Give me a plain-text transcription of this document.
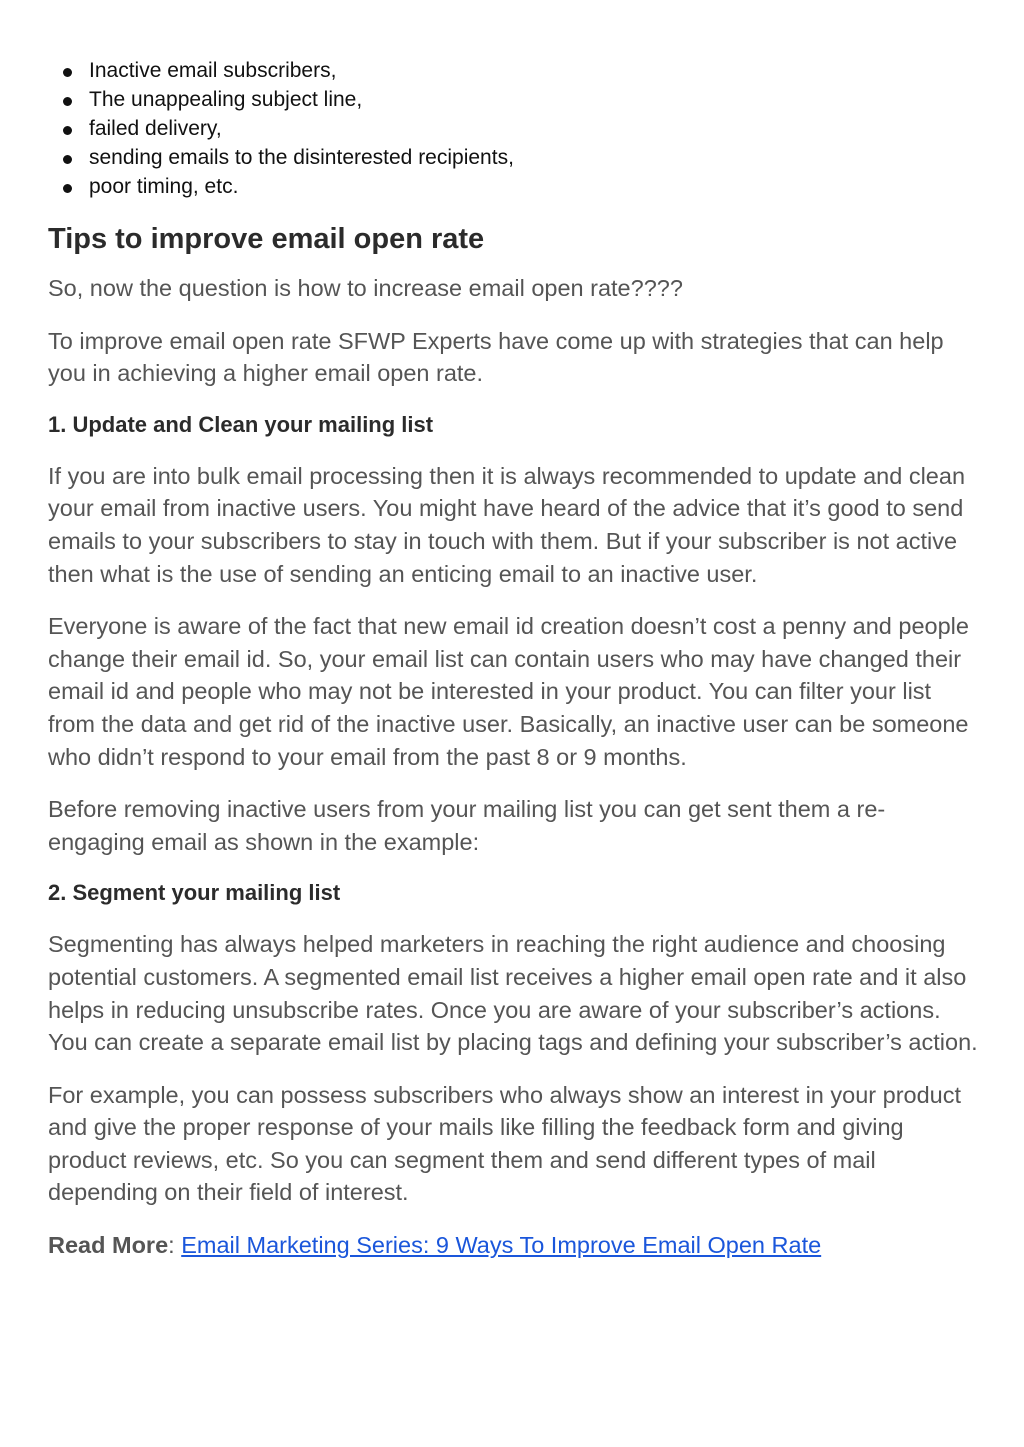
Inactive email subscribers,
The unappealing subject line,
failed delivery,
sending emails to the disinterested recipients,
poor timing, etc.
Tips to improve email open rate

So, now the question is how to increase email open rate????

To improve email open rate SFWP Experts have come up with strategies that can help you in achieving a higher email open rate.

1. Update and Clean your mailing list

If you are into bulk email processing then it is always recommended to update and clean your email from inactive users. You might have heard of the advice that it’s good to send emails to your subscribers to stay in touch with them. But if your subscriber is not active then what is the use of sending an enticing email to an inactive user.

Everyone is aware of the fact that new email id creation doesn’t cost a penny and people change their email id. So, your email list can contain users who may have changed their email id and people who may not be interested in your product. You can filter your list from the data and get rid of the inactive user. Basically, an inactive user can be someone who didn’t respond to your email from the past 8 or 9 months.

Before removing inactive users from your mailing list you can get sent them a re-engaging email as shown in the example:

2. Segment your mailing list

Segmenting has always helped marketers in reaching the right audience and choosing potential customers. A segmented email list receives a higher email open rate and it also helps in reducing unsubscribe rates. Once you are aware of your subscriber’s actions. You can create a separate email list by placing tags and defining your subscriber’s action.

For example, you can possess subscribers who always show an interest in your product and give the proper response of your mails like filling the feedback form and giving product reviews, etc. So you can segment them and send different types of mail depending on their field of interest.

Read More: Email Marketing Series: 9 Ways To Improve Email Open Rate
